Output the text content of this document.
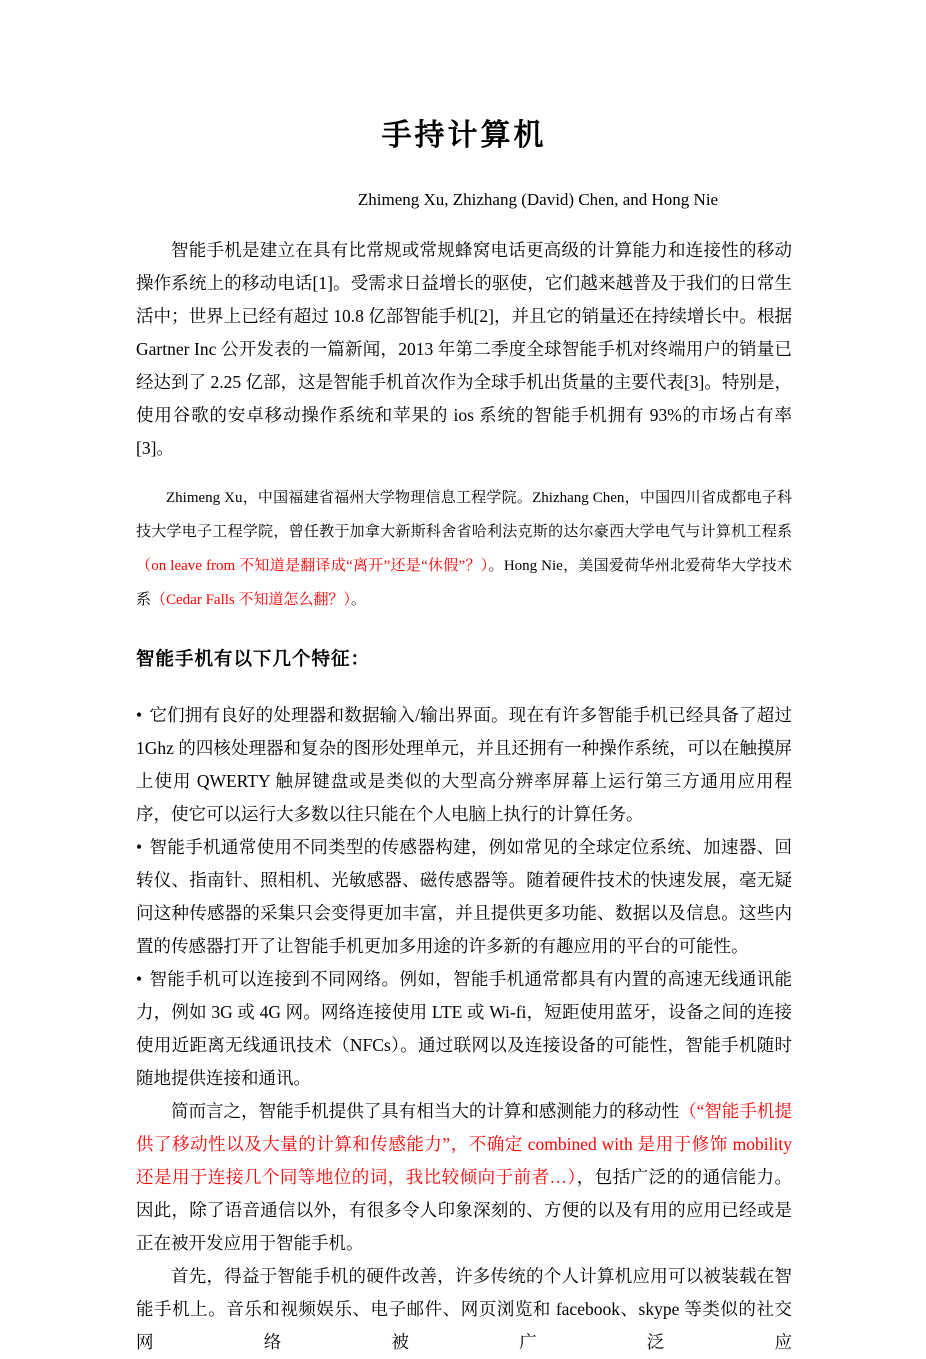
手持计算机
Zhimeng Xu, Zhizhang (David) Chen, and Hong Nie

智能手机是建立在具有比常规或常规蜂窝电话更高级的计算能力和连接性的移动操作系统上的移动电话[1]。受需求日益增长的驱使，它们越来越普及于我们的日常生活中；世界上已经有超过 10.8 亿部智能手机[2]，并且它的销量还在持续增长中。根据 Gartner Inc 公开发表的一篇新闻，2013 年第二季度全球智能手机对终端用户的销量已经达到了 2.25 亿部，这是智能手机首次作为全球手机出货量的主要代表[3]。特别是，使用谷歌的安卓移动操作系统和苹果的 ios 系统的智能手机拥有 93%的市场占有率[3]。

Zhimeng Xu，中国福建省福州大学物理信息工程学院。Zhizhang Chen，中国四川省成都电子科技大学电子工程学院，曾任教于加拿大新斯科舍省哈利法克斯的达尔豪西大学电气与计算机工程系（on leave from 不知道是翻译成“离开”还是“休假”？）。Hong Nie，美国爱荷华州北爱荷华大学技术系（Cedar Falls 不知道怎么翻？）。

智能手机有以下几个特征：

• 它们拥有良好的处理器和数据输入/输出界面。现在有许多智能手机已经具备了超过 1Ghz 的四核处理器和复杂的图形处理单元，并且还拥有一种操作系统，可以在触摸屏上使用 QWERTY 触屏键盘或是类似的大型高分辨率屏幕上运行第三方通用应用程序，使它可以运行大多数以往只能在个人电脑上执行的计算任务。

• 智能手机通常使用不同类型的传感器构建，例如常见的全球定位系统、加速器、回转仪、指南针、照相机、光敏感器、磁传感器等。随着硬件技术的快速发展，毫无疑问这种传感器的采集只会变得更加丰富，并且提供更多功能、数据以及信息。这些内置的传感器打开了让智能手机更加多用途的许多新的有趣应用的平台的可能性。

• 智能手机可以连接到不同网络。例如，智能手机通常都具有内置的高速无线通讯能力，例如 3G 或 4G 网。网络连接使用 LTE 或 Wi-fi，短距使用蓝牙，设备之间的连接使用近距离无线通讯技术（NFCs）。通过联网以及连接设备的可能性，智能手机随时随地提供连接和通讯。

简而言之，智能手机提供了具有相当大的计算和感测能力的移动性（“智能手机提供了移动性以及大量的计算和传感能力”，不确定 combined with 是用于修饰 mobility 还是用于连接几个同等地位的词，我比较倾向于前者…），包括广泛的的通信能力。因此，除了语音通信以外，有很多令人印象深刻的、方便的以及有用的应用已经或是正在被开发应用于智能手机。

首先，得益于智能手机的硬件改善，许多传统的个人计算机应用可以被装载在智能手机上。音乐和视频娱乐、电子邮件、网页浏览和 facebook、skype 等类似的社交网络被广泛应
